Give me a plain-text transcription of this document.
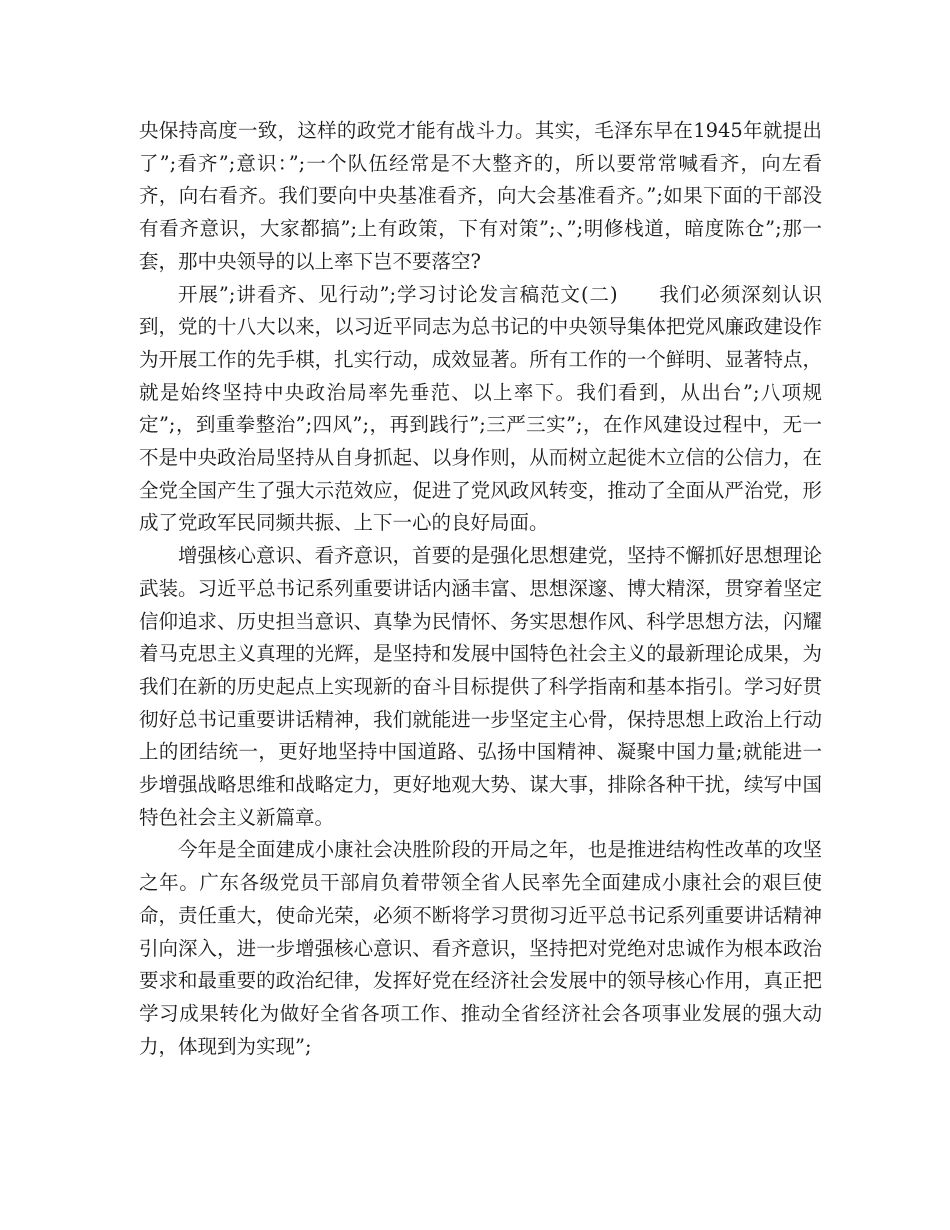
央保持高度一致，这样的政党才能有战斗力。其实，毛泽东早在1945年就提出了”;看齐”;意识：”;一个队伍经常是不大整齐的，所以要常常喊看齐，向左看齐，向右看齐。我们要向中央基准看齐，向大会基准看齐。”;如果下面的干部没有看齐意识，大家都搞”;上有政策，下有对策”;、”;明修栈道，暗度陈仓”;那一套，那中央领导的以上率下岂不要落空?

开展”;讲看齐、见行动”;学习讨论发言稿范文(二)　　我们必须深刻认识到，党的十八大以来，以习近平同志为总书记的中央领导集体把党风廉政建设作为开展工作的先手棋，扎实行动，成效显著。所有工作的一个鲜明、显著特点，就是始终坚持中央政治局率先垂范、以上率下。我们看到，从出台”;八项规定”;，到重拳整治”;四风”;，再到践行”;三严三实”;，在作风建设过程中，无一不是中央政治局坚持从自身抓起、以身作则，从而树立起徙木立信的公信力，在全党全国产生了强大示范效应，促进了党风政风转变，推动了全面从严治党，形成了党政军民同频共振、上下一心的良好局面。

增强核心意识、看齐意识，首要的是强化思想建党，坚持不懈抓好思想理论武装。习近平总书记系列重要讲话内涵丰富、思想深邃、博大精深，贯穿着坚定信仰追求、历史担当意识、真挚为民情怀、务实思想作风、科学思想方法，闪耀着马克思主义真理的光辉，是坚持和发展中国特色社会主义的最新理论成果，为我们在新的历史起点上实现新的奋斗目标提供了科学指南和基本指引。学习好贯彻好总书记重要讲话精神，我们就能进一步坚定主心骨，保持思想上政治上行动上的团结统一，更好地坚持中国道路、弘扬中国精神、凝聚中国力量;就能进一步增强战略思维和战略定力，更好地观大势、谋大事，排除各种干扰，续写中国特色社会主义新篇章。

今年是全面建成小康社会决胜阶段的开局之年，也是推进结构性改革的攻坚之年。广东各级党员干部肩负着带领全省人民率先全面建成小康社会的艰巨使命，责任重大，使命光荣，必须不断将学习贯彻习近平总书记系列重要讲话精神引向深入，进一步增强核心意识、看齐意识，坚持把对党绝对忠诚作为根本政治要求和最重要的政治纪律，发挥好党在经济社会发展中的领导核心作用，真正把学习成果转化为做好全省各项工作、推动全省经济社会各项事业发展的强大动力，体现到为实现”;
